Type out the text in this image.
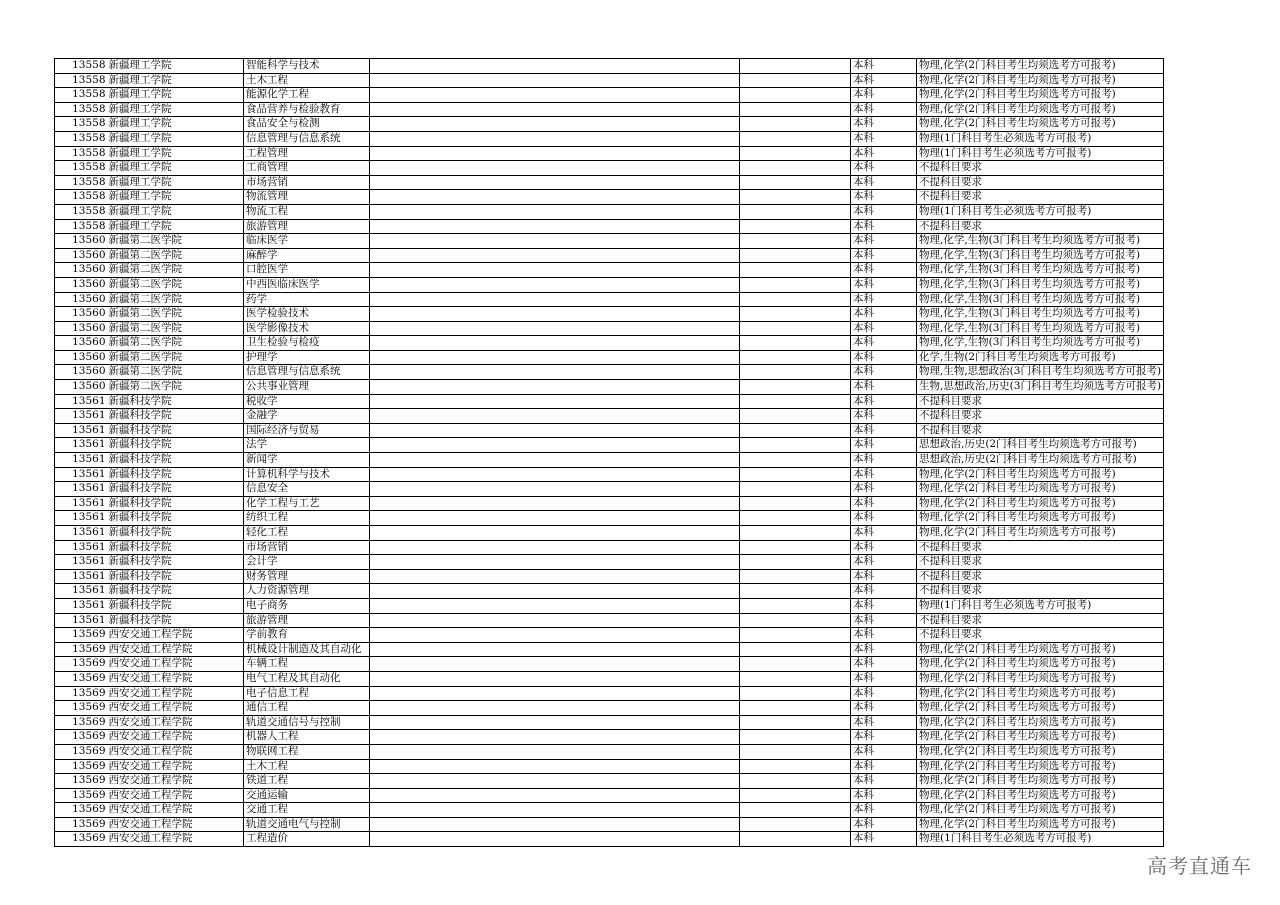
13558	新疆理工学院	智能科学与技术			本科	物理,化学(2门科目考生均须选考方可报考)
13558	新疆理工学院	土木工程			本科	物理,化学(2门科目考生均须选考方可报考)
13558	新疆理工学院	能源化学工程			本科	物理,化学(2门科目考生均须选考方可报考)
13558	新疆理工学院	食品营养与检验教育			本科	物理,化学(2门科目考生均须选考方可报考)
13558	新疆理工学院	食品安全与检测			本科	物理,化学(2门科目考生均须选考方可报考)
13558	新疆理工学院	信息管理与信息系统			本科	物理(1门科目考生必须选考方可报考)
13558	新疆理工学院	工程管理			本科	物理(1门科目考生必须选考方可报考)
13558	新疆理工学院	工商管理			本科	不提科目要求
13558	新疆理工学院	市场营销			本科	不提科目要求
13558	新疆理工学院	物流管理			本科	不提科目要求
13558	新疆理工学院	物流工程			本科	物理(1门科目考生必须选考方可报考)
13558	新疆理工学院	旅游管理			本科	不提科目要求
13560	新疆第二医学院	临床医学			本科	物理,化学,生物(3门科目考生均须选考方可报考)
13560	新疆第二医学院	麻醉学			本科	物理,化学,生物(3门科目考生均须选考方可报考)
13560	新疆第二医学院	口腔医学			本科	物理,化学,生物(3门科目考生均须选考方可报考)
13560	新疆第二医学院	中西医临床医学			本科	物理,化学,生物(3门科目考生均须选考方可报考)
13560	新疆第二医学院	药学			本科	物理,化学,生物(3门科目考生均须选考方可报考)
13560	新疆第二医学院	医学检验技术			本科	物理,化学,生物(3门科目考生均须选考方可报考)
13560	新疆第二医学院	医学影像技术			本科	物理,化学,生物(3门科目考生均须选考方可报考)
13560	新疆第二医学院	卫生检验与检疫			本科	物理,化学,生物(3门科目考生均须选考方可报考)
13560	新疆第二医学院	护理学			本科	化学,生物(2门科目考生均须选考方可报考)
13560	新疆第二医学院	信息管理与信息系统			本科	物理,生物,思想政治(3门科目考生均须选考方可报考)
13560	新疆第二医学院	公共事业管理			本科	生物,思想政治,历史(3门科目考生均须选考方可报考)
13561	新疆科技学院	税收学			本科	不提科目要求
13561	新疆科技学院	金融学			本科	不提科目要求
13561	新疆科技学院	国际经济与贸易			本科	不提科目要求
13561	新疆科技学院	法学			本科	思想政治,历史(2门科目考生均须选考方可报考)
13561	新疆科技学院	新闻学			本科	思想政治,历史(2门科目考生均须选考方可报考)
13561	新疆科技学院	计算机科学与技术			本科	物理,化学(2门科目考生均须选考方可报考)
13561	新疆科技学院	信息安全			本科	物理,化学(2门科目考生均须选考方可报考)
13561	新疆科技学院	化学工程与工艺			本科	物理,化学(2门科目考生均须选考方可报考)
13561	新疆科技学院	纺织工程			本科	物理,化学(2门科目考生均须选考方可报考)
13561	新疆科技学院	轻化工程			本科	物理,化学(2门科目考生均须选考方可报考)
13561	新疆科技学院	市场营销			本科	不提科目要求
13561	新疆科技学院	会计学			本科	不提科目要求
13561	新疆科技学院	财务管理			本科	不提科目要求
13561	新疆科技学院	人力资源管理			本科	不提科目要求
13561	新疆科技学院	电子商务			本科	物理(1门科目考生必须选考方可报考)
13561	新疆科技学院	旅游管理			本科	不提科目要求
13569	西安交通工程学院	学前教育			本科	不提科目要求
13569	西安交通工程学院	机械设计制造及其自动化			本科	物理,化学(2门科目考生均须选考方可报考)
13569	西安交通工程学院	车辆工程			本科	物理,化学(2门科目考生均须选考方可报考)
13569	西安交通工程学院	电气工程及其自动化			本科	物理,化学(2门科目考生均须选考方可报考)
13569	西安交通工程学院	电子信息工程			本科	物理,化学(2门科目考生均须选考方可报考)
13569	西安交通工程学院	通信工程			本科	物理,化学(2门科目考生均须选考方可报考)
13569	西安交通工程学院	轨道交通信号与控制			本科	物理,化学(2门科目考生均须选考方可报考)
13569	西安交通工程学院	机器人工程			本科	物理,化学(2门科目考生均须选考方可报考)
13569	西安交通工程学院	物联网工程			本科	物理,化学(2门科目考生均须选考方可报考)
13569	西安交通工程学院	土木工程			本科	物理,化学(2门科目考生均须选考方可报考)
13569	西安交通工程学院	铁道工程			本科	物理,化学(2门科目考生均须选考方可报考)
13569	西安交通工程学院	交通运输			本科	物理,化学(2门科目考生均须选考方可报考)
13569	西安交通工程学院	交通工程			本科	物理,化学(2门科目考生均须选考方可报考)
13569	西安交通工程学院	轨道交通电气与控制			本科	物理,化学(2门科目考生均须选考方可报考)
13569	西安交通工程学院	工程造价			本科	物理(1门科目考生必须选考方可报考)
高考直通车
